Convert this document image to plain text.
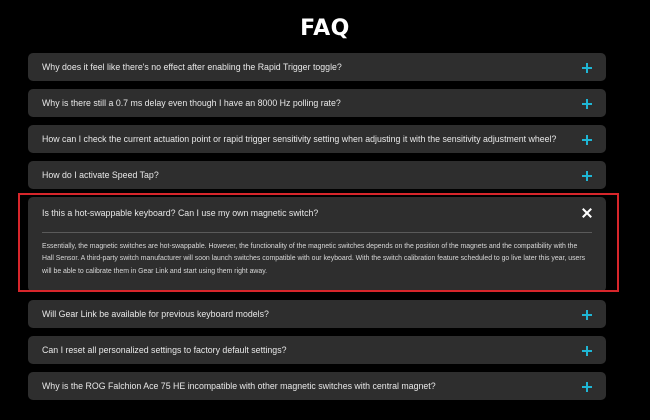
FAQ
Why does it feel like there's no effect after enabling the Rapid Trigger toggle?
Why is there still a 0.7 ms delay even though I have an 8000 Hz polling rate?
How can I check the current actuation point or rapid trigger sensitivity setting when adjusting it with the sensitivity adjustment wheel?
How do I activate Speed Tap?
Is this a hot-swappable keyboard? Can I use my own magnetic switch?
Essentially, the magnetic switches are hot-swappable. However, the functionality of the magnetic switches depends on the position of the magnets and the compatibility with the Hall Sensor. A third-party switch manufacturer will soon launch switches compatible with our keyboard. With the switch calibration feature scheduled to go live later this year, users will be able to calibrate them in Gear Link and start using them right away.
Will Gear Link be available for previous keyboard models?
Can I reset all personalized settings to factory default settings?
Why is the ROG Falchion Ace 75 HE incompatible with other magnetic switches with central magnet?
